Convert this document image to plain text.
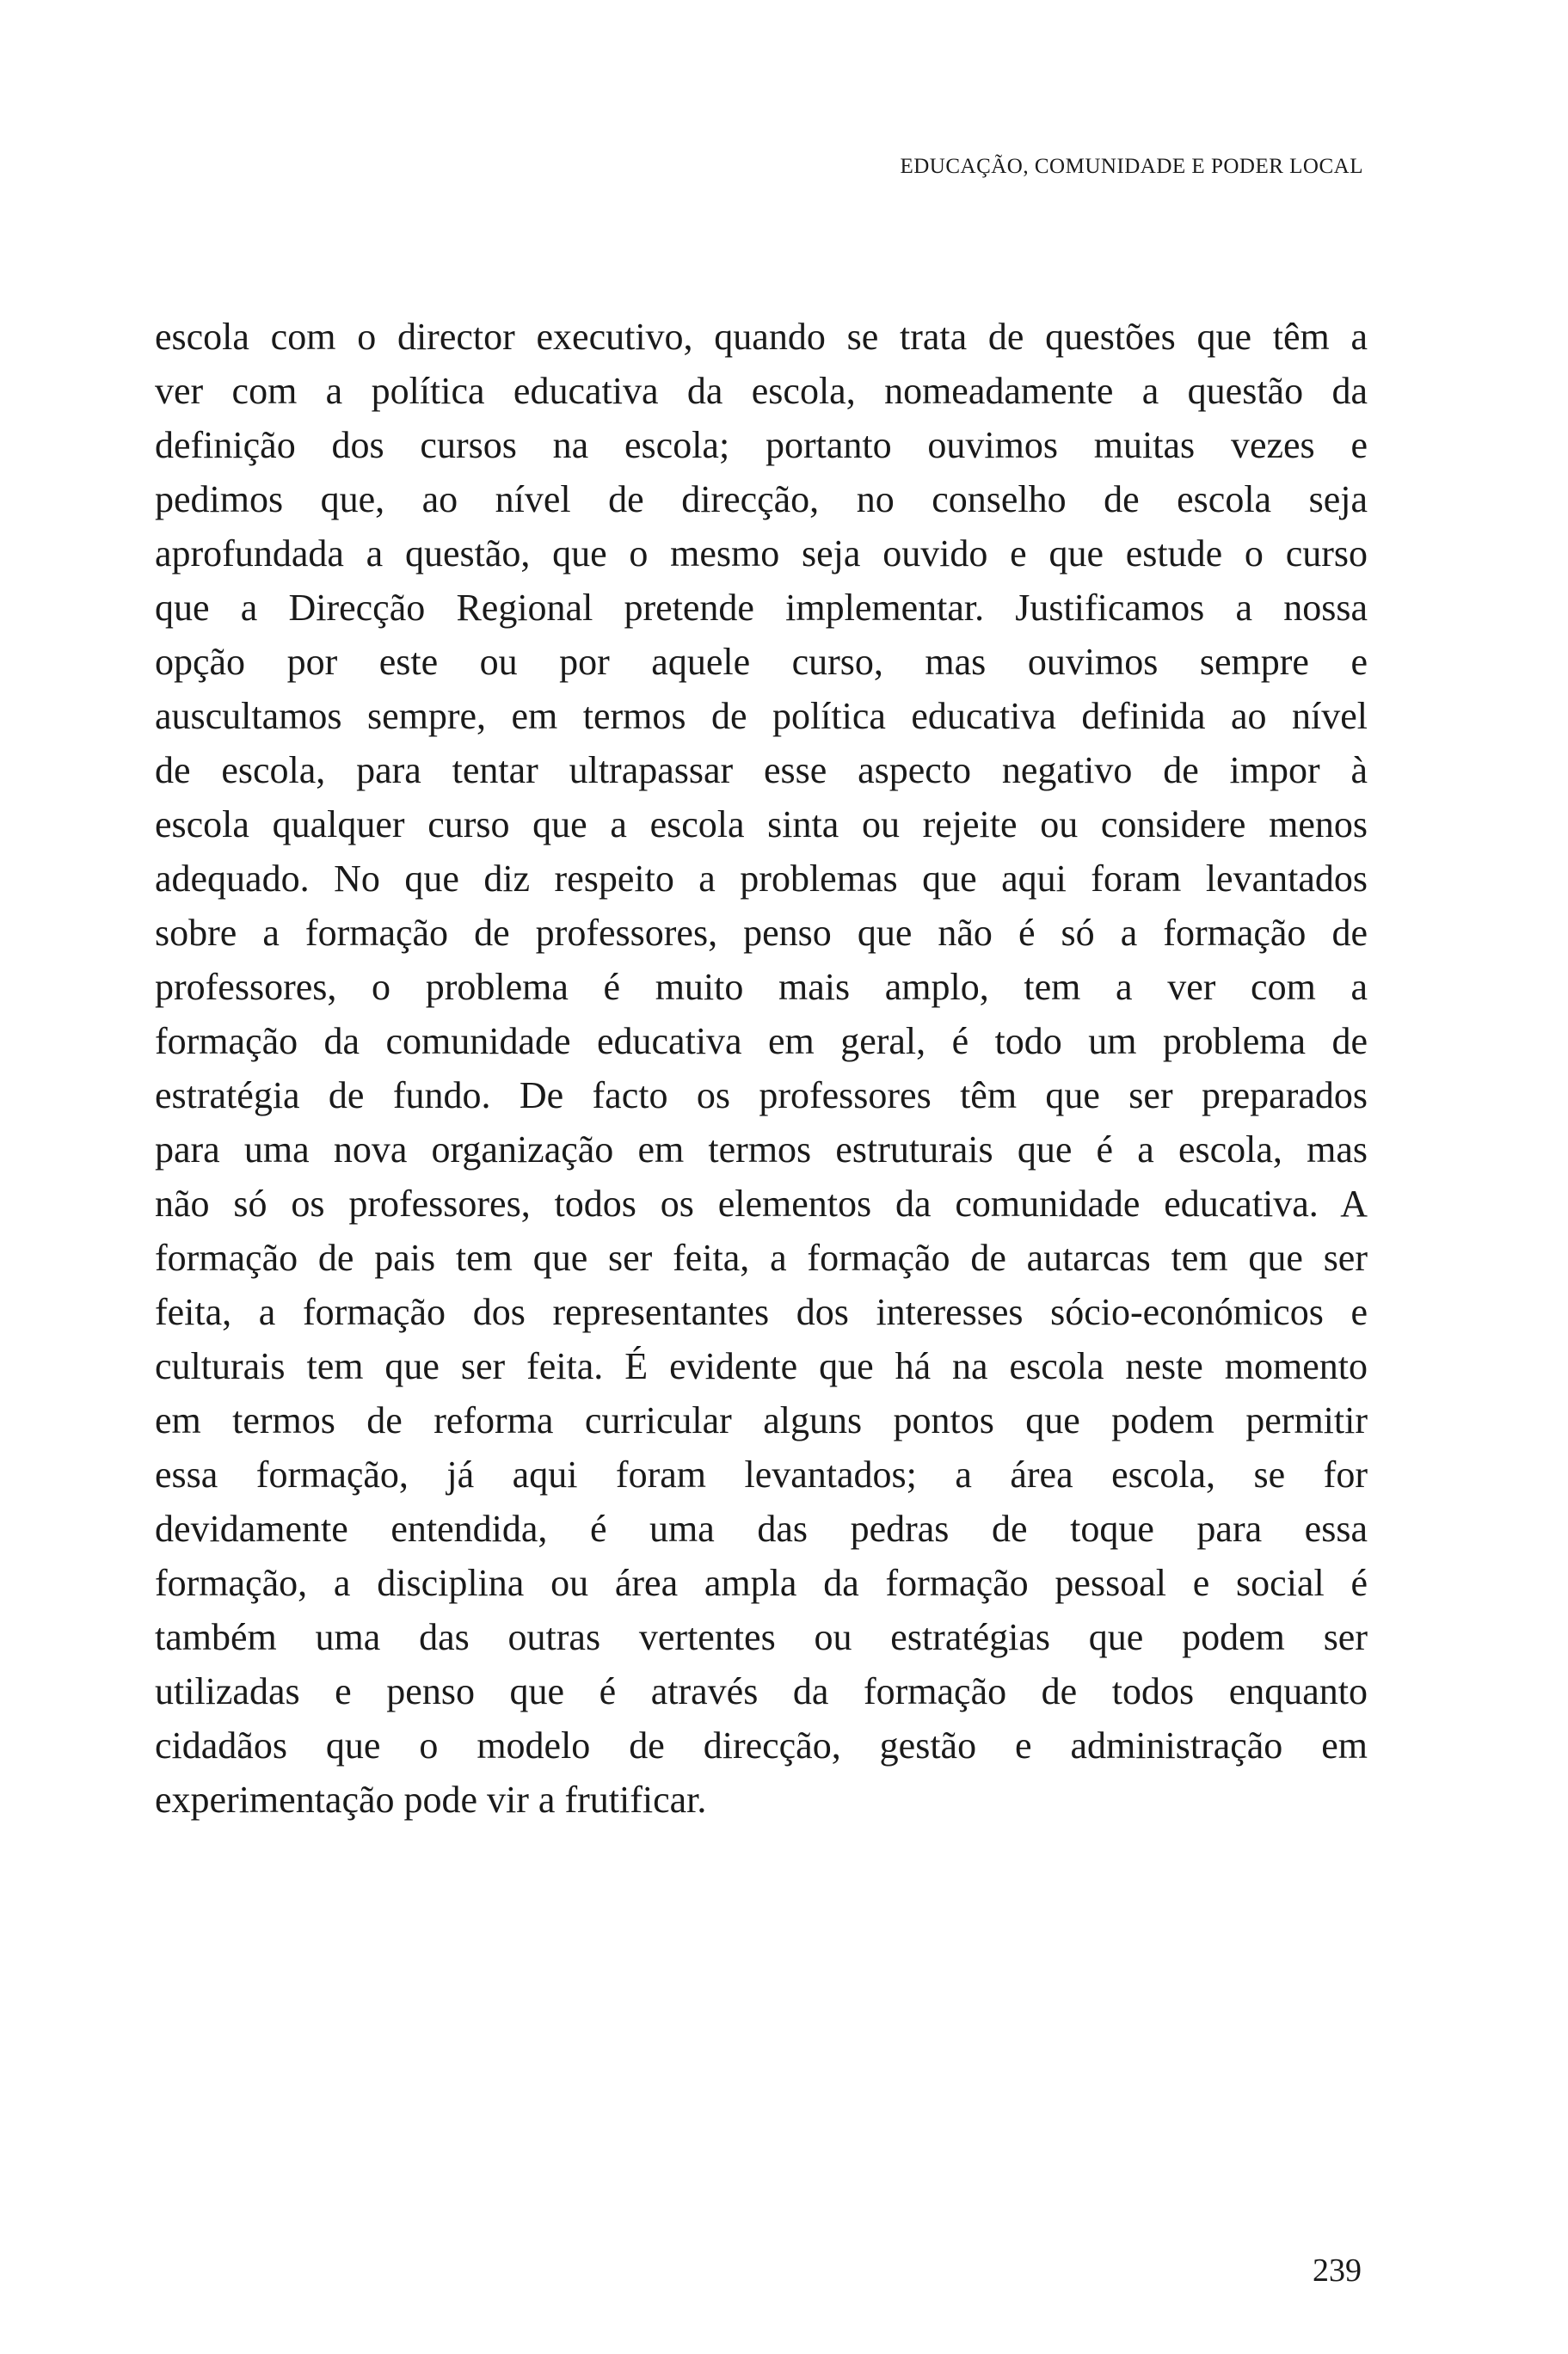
EDUCAÇÃO, COMUNIDADE E PODER LOCAL
escola com o director executivo, quando se trata de questões que têm a
ver com a política educativa da escola, nomeadamente a questão da
definição dos cursos na escola; portanto ouvimos muitas vezes e
pedimos que, ao nível de direcção, no conselho de escola seja
aprofundada a questão, que o mesmo seja ouvido e que estude o curso
que a Direcção Regional pretende implementar. Justificamos a nossa
opção por este ou por aquele curso, mas ouvimos sempre e
auscultamos sempre, em termos de política educativa definida ao nível
de escola, para tentar ultrapassar esse aspecto negativo de impor à
escola qualquer curso que a escola sinta ou rejeite ou considere menos
adequado. No que diz respeito a problemas que aqui foram levantados
sobre a formação de professores, penso que não é só a formação de
professores, o problema é muito mais amplo, tem a ver com a
formação da comunidade educativa em geral, é todo um problema de
estratégia de fundo. De facto os professores têm que ser preparados
para uma nova organização em termos estruturais que é a escola, mas
não só os professores, todos os elementos da comunidade educativa. A
formação de pais tem que ser feita, a formação de autarcas tem que ser
feita, a formação dos representantes dos interesses sócio-económicos e
culturais tem que ser feita. É evidente que há na escola neste momento
em termos de reforma curricular alguns pontos que podem permitir
essa formação, já aqui foram levantados; a área escola, se for
devidamente entendida, é uma das pedras de toque para essa
formação, a disciplina ou área ampla da formação pessoal e social é
também uma das outras vertentes ou estratégias que podem ser
utilizadas e penso que é através da formação de todos enquanto
cidadãos que o modelo de direcção, gestão e administração em
experimentação pode vir a frutificar.
239
